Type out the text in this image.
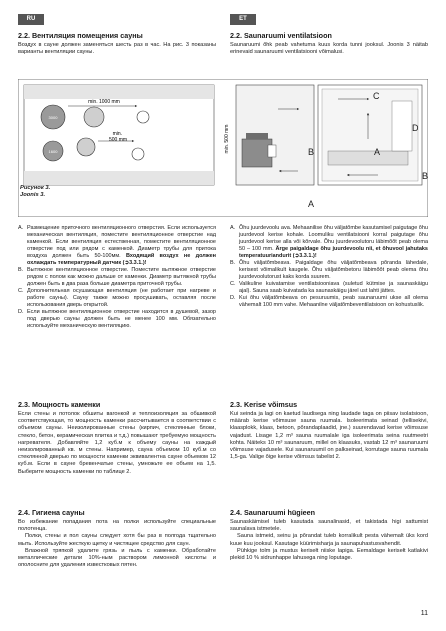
RU	ET
2.2. Вентиляция помещения сауны

Воздух в сауне должен заменяться шесть раз в час. На рис. 3 показаны варианты вентиляции сауны.

2.2. Saunaruumi ventilatsioon

Saunaruumi õhk peab vahetuma kuus korda tunni jooksul. Joonis 3 näitab erinevaid saunaruumi ventilatsiooni võimalusi.

3000
min. 1000 mm
1600
min. 500 mm	min. 500 mm
A
B
C
D
A
B
Рисунок 3.
Joonis 3.
A. Размещение приточного вентиляционного отверстия. Если используется механическая вентиляция, поместите вентиляционное отверстие над каменкой. Если вентиляция естественная, поместите вентиляционное отверстие под или рядом с каменкой. Диаметр трубы для притока воздуха должен быть 50-100мм. Входящий воздух не должен охлаждать температурный датчик (➲3.3.1.)!
B. Вытяжное вентиляционное отверстие. Поместите вытяжное отверстие рядом с полом как можно дальше от каменки. Диаметр вытяжной трубы должен быть в два раза больше диаметра приточной трубы.
C. Дополнительная осушающая вентиляция (не работает при нагреве и работе сауны). Сауну также можно просушивать, оставляя после использования дверь открытой.
D. Если вытяжное вентиляционное отверстие находится в душевой, зазор под дверью сауны должен быть не менее 100 мм. Обязательно используйте механическую вентиляцию.
A. Õhu juurdevoolu ava. Mehaanilise õhu väljatõmbe kasutamisel paigutage õhu juurdevool kerise kohale. Loomuliku ventilatsiooni korral paigutage õhu juurdevool kerise alla või kõrvale. Õhu juurdevoolutoru läbimõõt peab olema 50 – 100 mm. Ärge paigaldage õhu juurdevoolu nii, et õhuvool jahutaks temperatuuriandurit (➲3.3.1.)!
B. Õhu väljatõmbeava. Paigaldage õhu väljatõmbeava põranda lähedale, kerisest võimalikult kaugele. Õhu väljatõmbetoru läbimõõt peab olema õhu juurdevoolutorust kaks korda suurem.
C. Valikuline kuivatamise ventilatsiooniava (suletud kütmise ja saunaskäigu ajal). Sauna saab kuivatada ka saunaskäigu järel ust lahti jättes.
D. Kui õhu väljatõmbeava on pesuruumis, peab saunaruumi ukse all olema vähemalt 100 mm vahe. Mehaanilne väljatõmbeventilatsioon on kohustuslik.
2.3. Мощность каменки

Если стены и потолок обшиты вагонкой и теплоизоляция за обшивкой соответствующая, то мощность каменки рассчитывается в соответствии с объемом сауны. Неизолированные стены (кирпич, стеклянные блоки, стекло, бетон, керамическая плитка и т.д.) повышают требуемую мощность нагревателя. Добавляйте 1,2 куб.м к объему сауны на каждый неизолированный кв. м стены. Например, сауна объемом 10 куб.м со стеклянной дверью по мощности каменки эквивалентна сауне объемом 12 куб.м. Если в сауне бревенчатые стены, умножьте ее объем на 1,5. Выберите мощность каменки по таблице 2.

2.4. Гигиена сауны

Во избежание попадания пота на полки используйте специальные полотенца.

Полки, стены и пол сауны следует хотя бы раз в полгода тщательно мыть. Используйте жесткую щетку и чистящее средство для саун.

Влажной тряпкой удалите грязь и пыль с каменки. Обработайте металлические детали 10%-ным раствором лимонной кислоты и ополосните для удаления известковых пятен.

2.3. Kerise võimsus

Kui seinda ja lagi on kaetud laudisega ning laudade taga on piisav isolatsioon, määrab kerise võimsuse sauna ruumala. Isoleerimata seinad (tellisekivi, klaasplokk, klaas, betoon, põrandaplaadid, jne.) suurendavad kerise võimsuse vajadust. Lisage 1,2 m³ sauna ruumalale iga isoleerimata seina ruutmeetri kohta. Näiteks 10 m³ saunaruum, millel on klaasuks, vastab 12 m³ saunaruumi võimsuse vajadusele. Kui saunaruumil on palkseinad, korrutage sauna ruumala 1,5-ga. Valige õige kerise võimsus tabelist 2.

2.4. Saunaruumi hügieen

Saunaskäimisel tuleb kasutada saunalinasid, et takistada higi sattumist saunalava istmetele.

Sauna istmeid, seinu ja põrandat tuleb korralikult pesta vähemalt üks kord kuue kuu jooksul. Kasutage küürimisharja ja saunapuhastusvahendit.

Pühkige tolm ja mustus kerisełt niiske lapiga. Eemaldage kerisełt katlakivi plekid 10 % sidrunhappe lahusega ning loputage.

11
